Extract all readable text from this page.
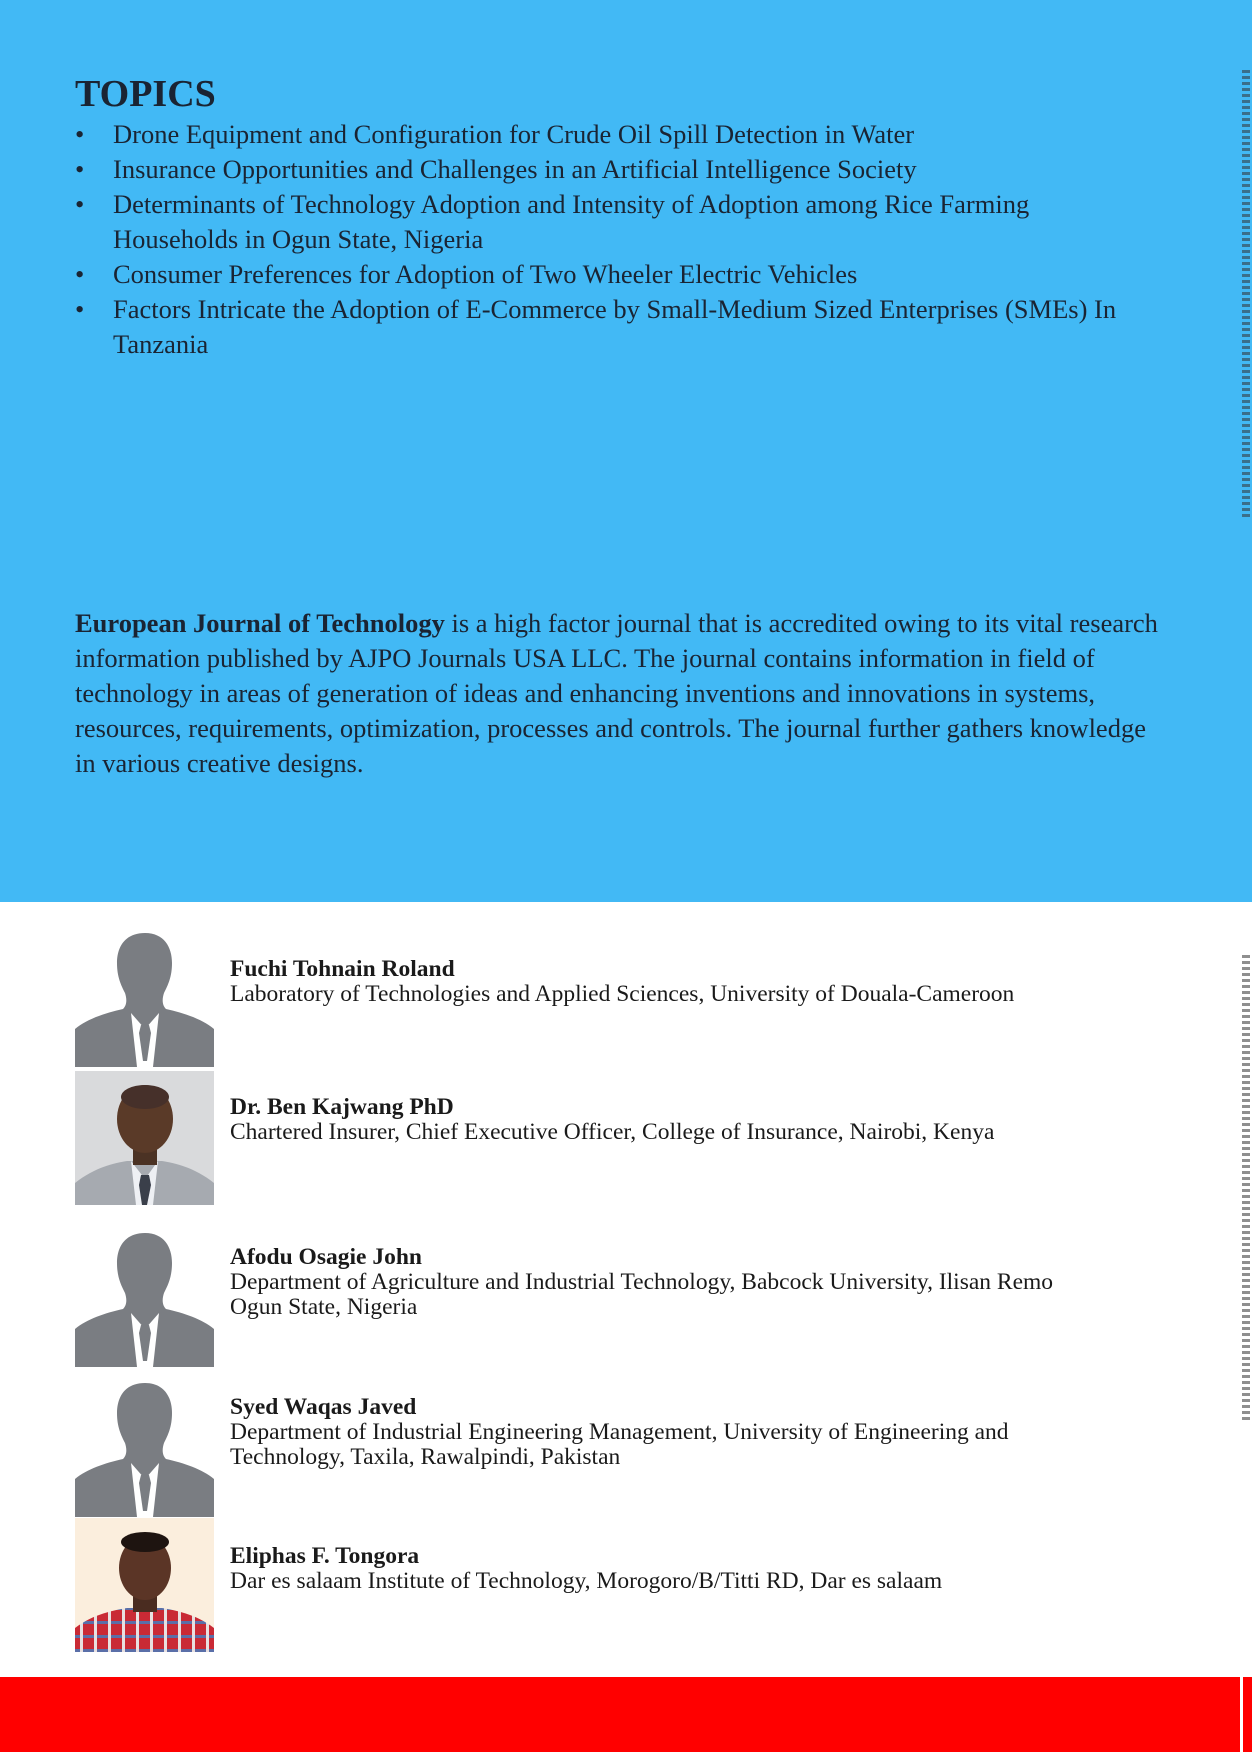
TOPICS
• Drone Equipment and Configuration for Crude Oil Spill Detection in Water
• Insurance Opportunities and Challenges in an Artificial Intelligence Society
• Determinants of Technology Adoption and Intensity of Adoption among Rice Farming Households in Ogun State, Nigeria
• Consumer Preferences for Adoption of Two Wheeler Electric Vehicles
• Factors Intricate the Adoption of E-Commerce by Small-Medium Sized Enterprises (SMEs) In Tanzania

European Journal of Technology is a high factor journal that is accredited owing to its vital research information published by AJPO Journals USA LLC. The journal contains information in field of technology in areas of generation of ideas and enhancing inventions and innovations in systems, resources, requirements, optimization, processes and controls. The journal further gathers knowledge in various creative designs.

Fuchi Tohnain Roland
Laboratory of Technologies and Applied Sciences, University of Douala-Cameroon
Dr. Ben Kajwang PhD
Chartered Insurer, Chief Executive Officer, College of Insurance, Nairobi, Kenya
Afodu Osagie John
Department of Agriculture and Industrial Technology, Babcock University, Ilisan Remo
Ogun State, Nigeria
Syed Waqas Javed
Department of Industrial Engineering Management, University of Engineering and
Technology, Taxila, Rawalpindi, Pakistan
Eliphas F. Tongora
Dar es salaam Institute of Technology, Morogoro/B/Titti RD, Dar es salaam
